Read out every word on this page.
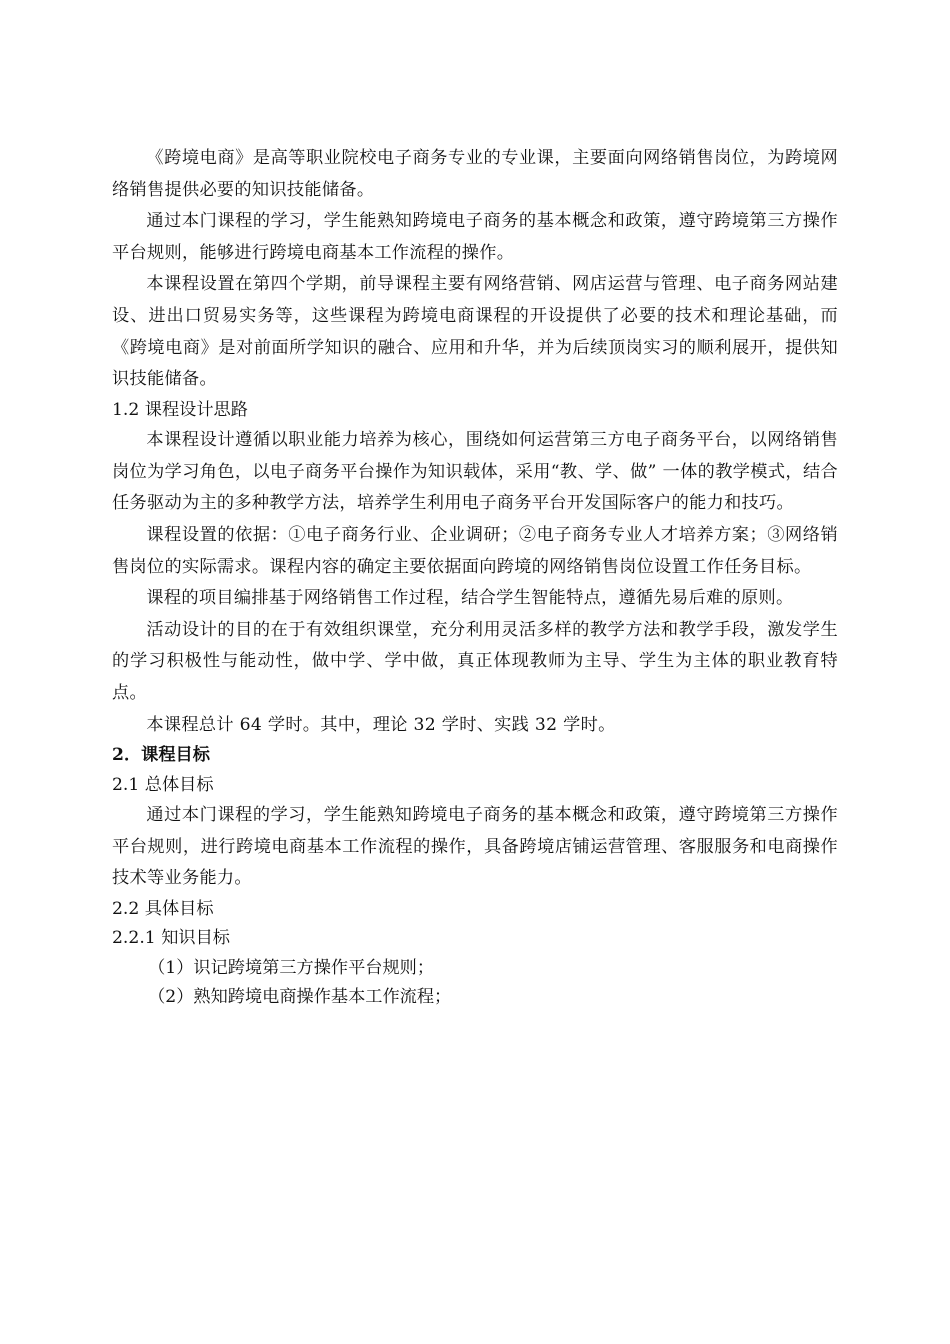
《跨境电商》是高等职业院校电子商务专业的专业课，主要面向网络销售岗位，为跨境网络销售提供必要的知识技能储备。

通过本门课程的学习，学生能熟知跨境电子商务的基本概念和政策，遵守跨境第三方操作平台规则，能够进行跨境电商基本工作流程的操作。

本课程设置在第四个学期，前导课程主要有网络营销、网店运营与管理、电子商务网站建设、进出口贸易实务等，这些课程为跨境电商课程的开设提供了必要的技术和理论基础，而《跨境电商》是对前面所学知识的融合、应用和升华，并为后续顶岗实习的顺利展开，提供知识技能储备。

1.2 课程设计思路

本课程设计遵循以职业能力培养为核心，围绕如何运营第三方电子商务平台，以网络销售岗位为学习角色，以电子商务平台操作为知识载体，采用“教、学、做” 一体的教学模式，结合任务驱动为主的多种教学方法，培养学生利用电子商务平台开发国际客户的能力和技巧。

课程设置的依据：①电子商务行业、企业调研；②电子商务专业人才培养方案；③网络销售岗位的实际需求。课程内容的确定主要依据面向跨境的网络销售岗位设置工作任务目标。

课程的项目编排基于网络销售工作过程，结合学生智能特点，遵循先易后难的原则。

活动设计的目的在于有效组织课堂，充分利用灵活多样的教学方法和教学手段，激发学生的学习积极性与能动性，做中学、学中做，真正体现教师为主导、学生为主体的职业教育特点。

本课程总计 64 学时。其中，理论 32 学时、实践 32 学时。

2．课程目标

2.1 总体目标

通过本门课程的学习，学生能熟知跨境电子商务的基本概念和政策，遵守跨境第三方操作平台规则，进行跨境电商基本工作流程的操作，具备跨境店铺运营管理、客服服务和电商操作技术等业务能力。

2.2 具体目标

2.2.1 知识目标

（1）识记跨境第三方操作平台规则；

（2）熟知跨境电商操作基本工作流程；
